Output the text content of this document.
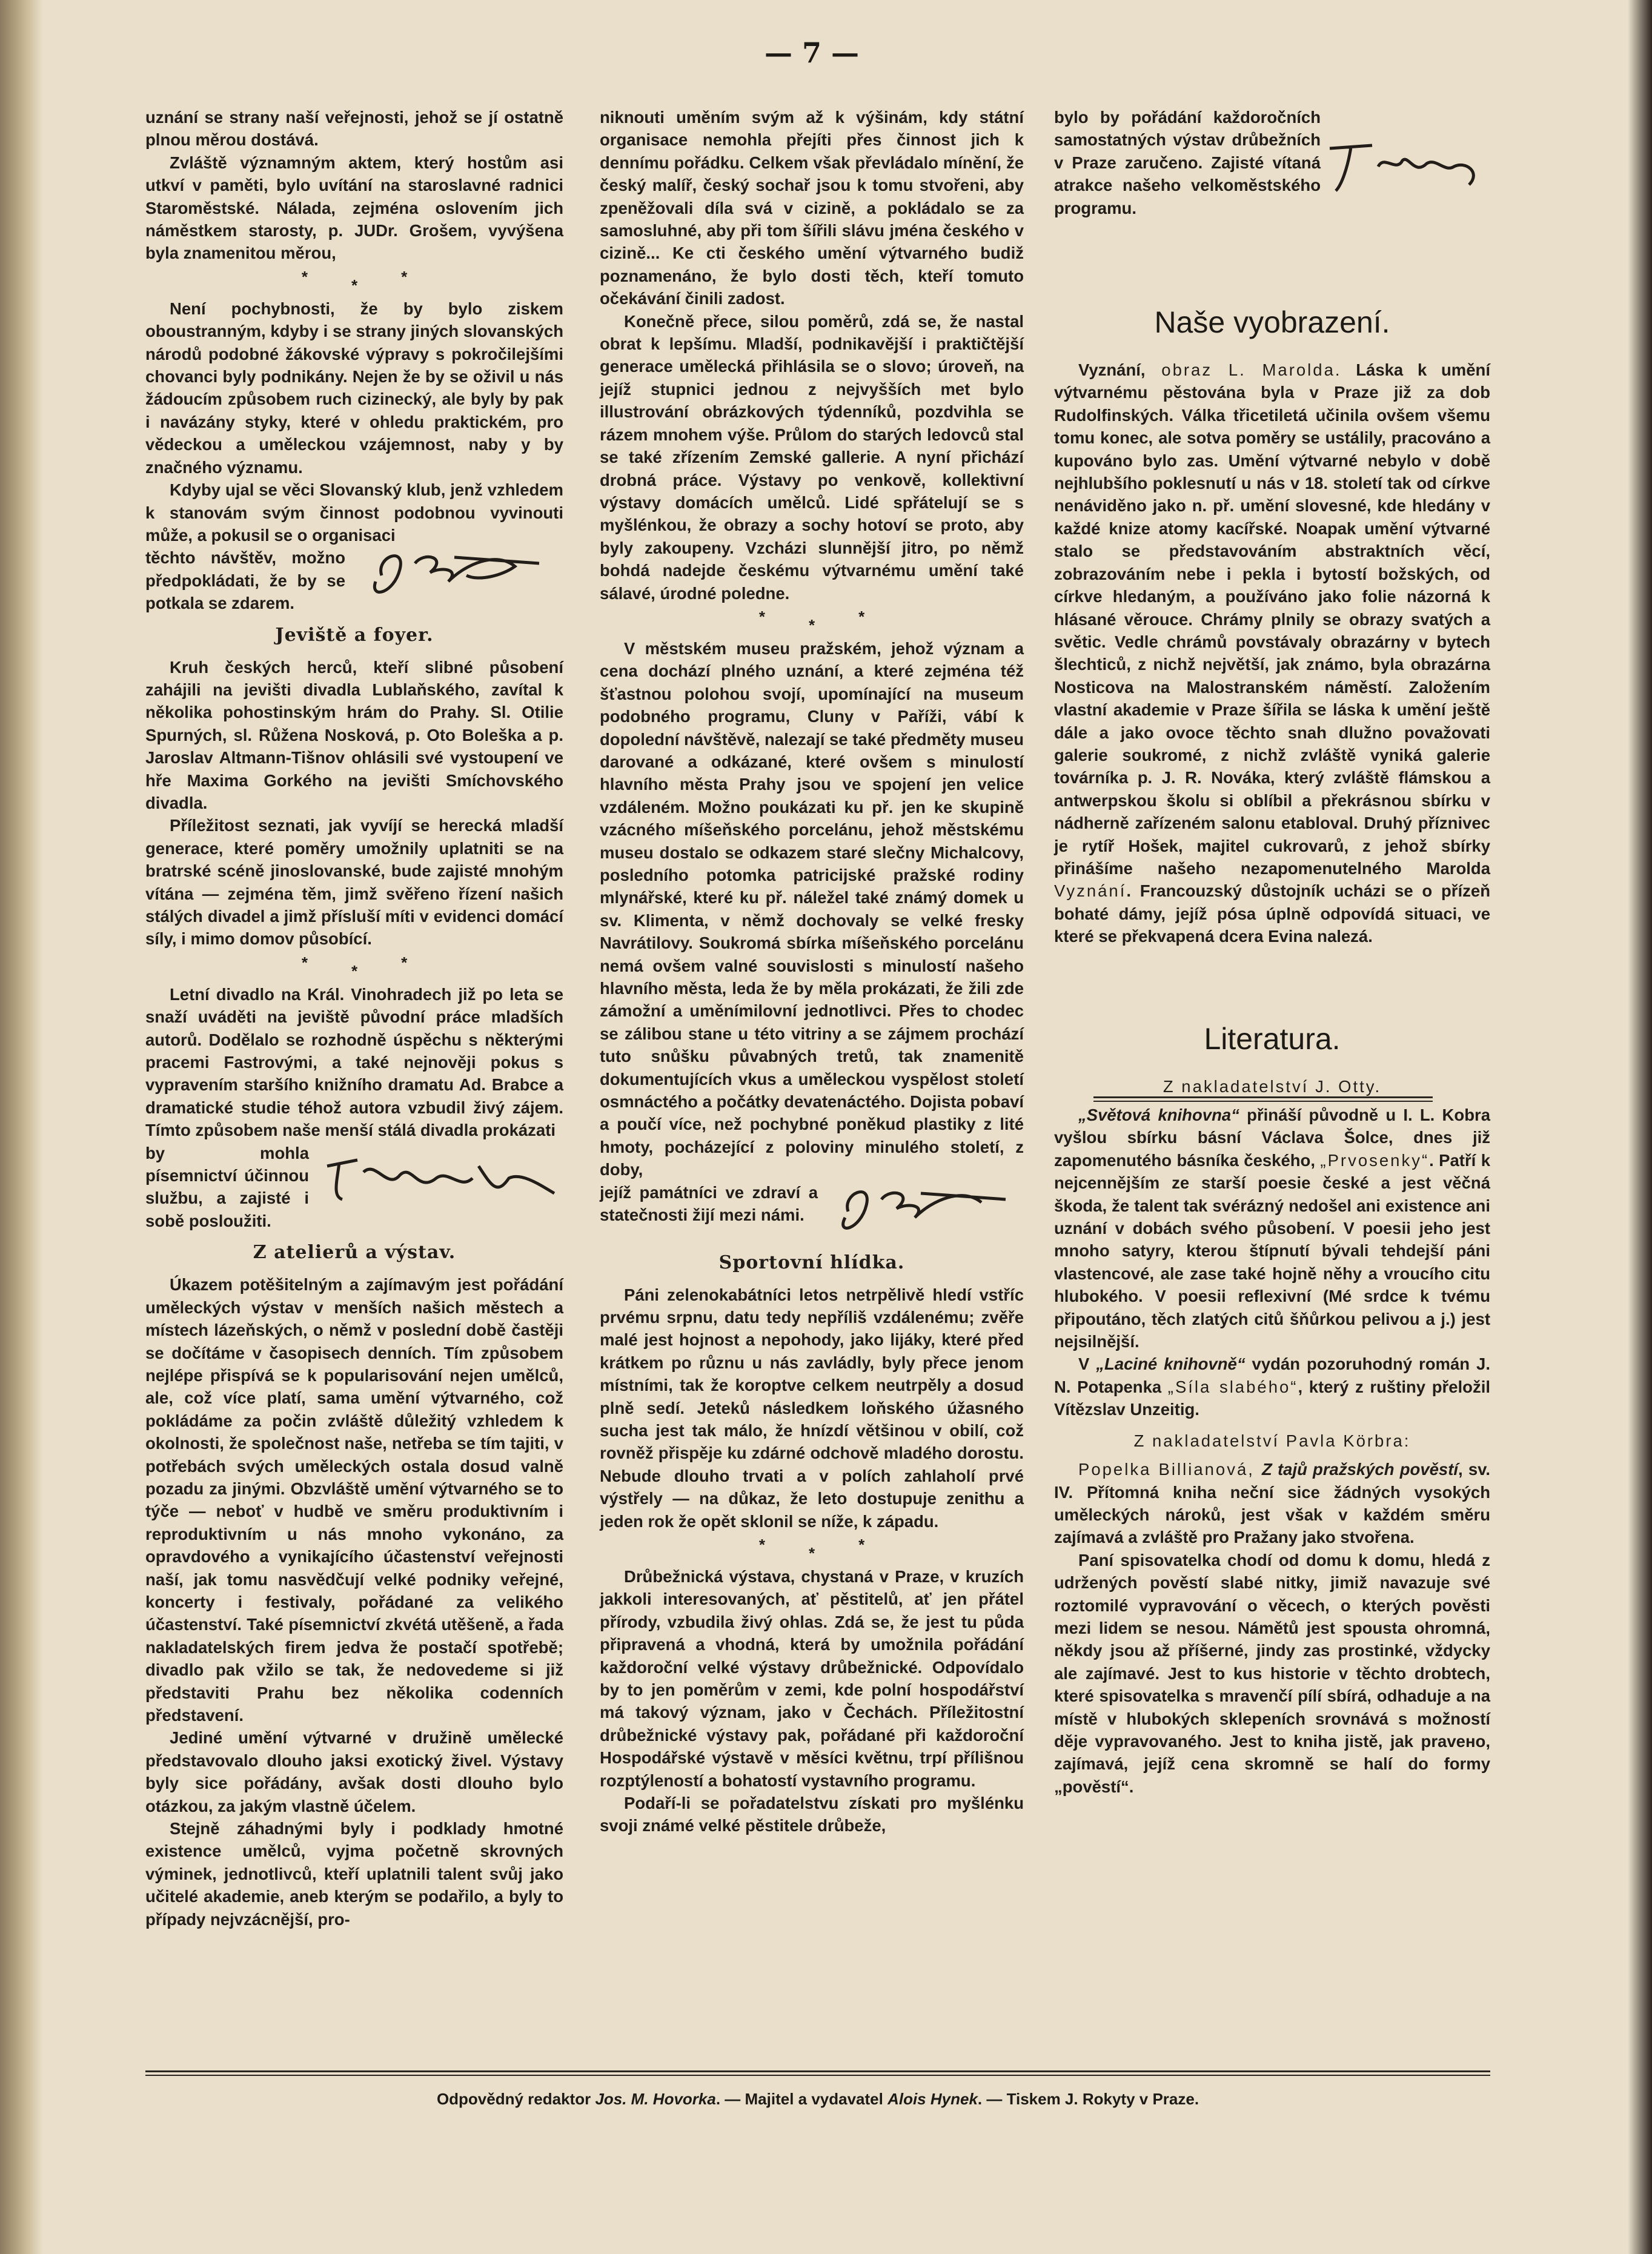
— 7 —

uznání se strany naší veřejnosti, jehož se jí ostatně plnou měrou dostává.

Zvláště významným aktem, který hostům asi utkví v paměti, bylo uvítání na staroslavné radnici Staroměstské. Nálada, zejména oslovením jich náměstkem starosty, p. JUDr. Grošem, vyvýšena byla znamenitou měrou,

*	*	*

Není pochybnosti, že by bylo ziskem oboustranným, kdyby i se strany jiných slovanských národů podobné žákovské výpravy s pokročilejšími chovanci byly podnikány. Nejen že by se oživil u nás žádoucím způsobem ruch cizinecký, ale byly by pak i navázány styky, které v ohledu praktickém, pro vědeckou a uměleckou vzájemnost, naby y by značného významu.

Kdyby ujal se věci Slovanský klub, jenž vzhledem k stanovám svým činnost podobnou vyvinouti může, a pokusil se o organisaci

těchto návštěv, možno předpokládati, že by se potkala se zdarem.	Jos. Bačo
Jeviště a foyer.

Kruh českých herců, kteří slibné působení zahájili na jevišti divadla Lublaňského, zavítal k několika pohostinským hrám do Prahy. Sl. Otilie Spurných, sl. Růžena Nosková, p. Oto Boleška a p. Jaroslav Altmann-Tišnov ohlásili své vystoupení ve hře Maxima Gorkého na jevišti Smíchovského divadla.

Příležitost seznati, jak vyvíjí se herecká mladší generace, které poměry umožnily uplatniti se na bratrské scéně jinoslovanské, bude zajisté mnohým vítána — zejména těm, jimž svěřeno řízení našich stálých divadel a jimž přísluší míti v evidenci domácí síly, i mimo domov působící.

*	*	*

Letní divadlo na Král. Vinohradech již po leta se snaží uváděti na jeviště původní práce mladších autorů. Dodělalo se rozhodně úspěchu s některými pracemi Fastrovými, a také nejnověji pokus s vypravením staršího knižního dramatu Ad. Brabce a dramatické studie téhož autora vzbudil živý zájem. Tímto způsobem naše menší stálá divadla prokázati

by mohla písemnictví účinnou službu, a zajisté i sobě posloužiti.

F. Kazimír
Z atelierů a výstav.

Úkazem potěšitelným a zajímavým jest pořádání uměleckých výstav v menších našich městech a místech lázeňských, o němž v poslední době častěji se dočítáme v časopisech denních. Tím způsobem nejlépe přispívá se k popularisování nejen umělců, ale, což více platí, sama umění výtvarného, což pokládáme za počin zvláště důležitý vzhledem k okolnosti, že společnost naše, netřeba se tím tajiti, v potřebách svých uměleckých ostala dosud valně pozadu za jinými. Obzvláště umění výtvarného se to týče — neboť v hudbě ve směru produktivním i reproduktivním u nás mnoho vykonáno, za opravdového a vynikajícího účastenství veřejnosti naší, jak tomu nasvědčují velké podniky veřejné, koncerty i festivaly, pořádané za velikého účastenství. Také písemnictví zkvétá utěšeně, a řada nakladatelských firem jedva že postačí spotřebě; divadlo pak vžilo se tak, že nedovedeme si již představiti Prahu bez několika codenních představení.

Jediné umění výtvarné v družině umělecké představovalo dlouho jaksi exotický živel. Výstavy byly sice pořádány, avšak dosti dlouho bylo otázkou, za jakým vlastně účelem.

Stejně záhadnými byly i podklady hmotné existence umělců, vyjma početně skrovných výminek, jednotlivců, kteří uplatnili talent svůj jako učitelé akademie, aneb kterým se podařilo, a byly to případy nejvzácnější, pro-

niknouti uměním svým až k výšinám, kdy státní organisace nemohla přejíti přes činnost jich k dennímu pořádku. Celkem však převládalo mínění, že český malíř, český sochař jsou k tomu stvořeni, aby zpeněžovali díla svá v cizině, a pokládalo se za samosluhné, aby při tom šířili slávu jména českého v cizině... Ke cti českého umění výtvarného budiž poznamenáno, že bylo dosti těch, kteří tomuto očekávání činili zadost.

Konečně přece, silou poměrů, zdá se, že nastal obrat k lepšímu. Mladší, podnikavější i praktičtější generace umělecká přihlásila se o slovo; úroveň, na jejíž stupnici jednou z nejvyšších met bylo illustrování obrázkových týdenníků, pozdvihla se rázem mnohem výše. Průlom do starých ledovců stal se také zřízením Zemské gallerie. A nyní přichází drobná práce. Výstavy po venkově, kollektivní výstavy domácích umělců. Lidé spřátelují se s myšlénkou, že obrazy a sochy hotoví se proto, aby byly zakoupeny. Vzcházi slunnější jitro, po němž bohdá nadejde českému výtvarnému umění také sálavé, úrodné poledne.

*	*	*

V městském museu pražském, jehož význam a cena dochází plného uznání, a které zejména též šťastnou polohou svojí, upomínající na museum podobného programu, Cluny v Paříži, vábí k dopolední návštěvě, nalezají se také předměty museu darované a odkázané, které ovšem s minulostí hlavního města Prahy jsou ve spojení jen velice vzdáleném. Možno poukázati ku př. jen ke skupině vzácného míšeňského porcelánu, jehož městskému museu dostalo se odkazem staré slečny Michalcovy, posledního potomka patricijské pražské rodiny mlynářské, které ku př. náležel také známý domek u sv. Klimenta, v němž dochovaly se velké fresky Navrátilovy. Soukromá sbírka míšeňského porcelánu nemá ovšem valné souvislosti s minulostí našeho hlavního města, leda že by měla prokázati, že žili zde zámožní a uměnímilovní jednotlivci. Přes to chodec se zálibou stane u této vitriny a se zájmem prochází tuto snůšku půvabných tretů, tak znamenitě dokumentujících vkus a uměleckou vyspělost století osmnáctého a počátky devatenáctého. Dojista pobaví a poučí více, než pochybné poněkud plastiky z lité hmoty, pocházející z poloviny minulého století, z doby,

jejíž památníci ve zdraví a statečnosti žijí mezi námi.

Jos. Bačo
Sportovní hlídka.

Páni zelenokabátníci letos netrpělivě hledí vstříc prvému srpnu, datu tedy nepříliš vzdálenému; zvěře malé jest hojnost a nepohody, jako lijáky, které před krátkem po různu u nás zavládly, byly přece jenom místními, tak že koroptve celkem neutrpěly a dosud plně sedí. Jeteků následkem loňského úžasného sucha jest tak málo, že hnízdí většinou v obilí, což rovněž přispěje ku zdárné odchově mladého dorostu. Nebude dlouho trvati a v polích zahlaholí prvé výstřely — na důkaz, že leto dostupuje zenithu a jeden rok že opět sklonil se níže, k západu.

*	*	*

Drůbežnická výstava, chystaná v Praze, v kruzích jakkoli interesovaných, ať pěstitelů, ať jen přátel přírody, vzbudila živý ohlas. Zdá se, že jest tu půda připravená a vhodná, která by umožnila pořádání každoroční velké výstavy drůbežnické. Odpovídalo by to jen poměrům v zemi, kde polní hospodářství má takový význam, jako v Čechách. Příležitostní drůbežnické výstavy pak, pořádané při každoroční Hospodářské výstavě v měsíci květnu, trpí přílišnou rozptýleností a bohatostí vystavního programu.

Podaří-li se pořadatelstvu získati pro myšlénku svoji známé velké pěstitele drůbeže,

bylo by pořádání každoročních samostatných výstav drůbežních v Praze zaručeno. Zajisté vítaná atrakce našeho velkoměstského programu.

Hnatek
Naše vyobrazení.

Vyznání, obraz L. Marolda. Láska k umění výtvarnému pěstována byla v Praze již za dob Rudolfinských. Válka třicetiletá učinila ovšem všemu tomu konec, ale sotva poměry se ustálily, pracováno a kupováno bylo zas. Umění výtvarné nebylo v době nejhlubšího poklesnutí u nás v 18. století tak od církve nenáviděno jako n. př. umění slovesné, kde hledány v každé knize atomy kacířské. Noapak umění výtvarné stalo se představováním abstraktních věcí, zobrazováním nebe i pekla i bytostí božských, od církve hledaným, a používáno jako folie názorná k hlásané věrouce. Chrámy plnily se obrazy svatých a světic. Vedle chrámů povstávaly obrazárny v bytech šlechticů, z nichž největší, jak známo, byla obrazárna Nosticova na Malostranském náměstí. Založením vlastní akademie v Praze šířila se láska k umění ještě dále a jako ovoce těchto snah dlužno považovati galerie soukromé, z nichž zvláště vyniká galerie továrníka p. J. R. Nováka, který zvláště flámskou a antwerpskou školu si oblíbil a překrásnou sbírku v nádherně zařízeném salonu etabloval. Druhý příznivec je rytíř Hošek, majitel cukrovarů, z jehož sbírky přinášíme našeho nezapomenutelného Marolda Vyznání. Francouzský důstojník ucházi se o přízeň bohaté dámy, jejíž pósa úplně odpovídá situaci, ve které se překvapená dcera Evina nalezá.

Literatura.
Z nakladatelství J. Otty.

„Světová knihovna“ přináší původně u I. L. Kobra vyšlou sbírku básní Václava Šolce, dnes již zapomenutého básníka českého, „Prvosenky“. Patří k nejcennějším ze starší poesie české a jest věčná škoda, že talent tak svérázný nedošel ani existence ani uznání v dobách svého působení. V poesii jeho jest mnoho satyry, kterou štípnutí bývali tehdejší páni vlastencové, ale zase také hojně něhy a vroucího citu hlubokého. V poesii reflexivní (Mé srdce k tvému připoutáno, těch zlatých citů šňůrkou pelivou a j.) jest nejsilnější.

V „Laciné knihovně“ vydán pozoruhodný román J. N. Potapenka „Síla slabého“, který z ruštiny přeložil Vítězslav Unzeitig.

Z nakladatelství Pavla Körbra:

Popelka Billianová, Z tajů pražských pověstí, sv. IV. Přítomná kniha neční sice žádných vysokých uměleckých nároků, jest však v každém směru zajímavá a zvláště pro Pražany jako stvořena.

Paní spisovatelka chodí od domu k domu, hledá z udržených pověstí slabé nitky, jimiž navazuje své roztomilé vypravování o věcech, o kterých pověsti mezi lidem se nesou. Námětů jest spousta ohromná, někdy jsou až příšerné, jindy zas prostinké, vždycky ale zajímavé. Jest to kus historie v těchto drobtech, které spisovatelka s mravenčí pílí sbírá, odhaduje a na místě v hlubokých sklepeních srovnává s možností děje vypravovaného. Jest to kniha jistě, jak pravено, zajímavá, jejíž cena skromně se halí do formy „pověstí“.

Odpovědný redaktor Jos. M. Hovorka. — Majitel a vydavatel Alois Hynek. — Tiskem J. Rokyty v Praze.
